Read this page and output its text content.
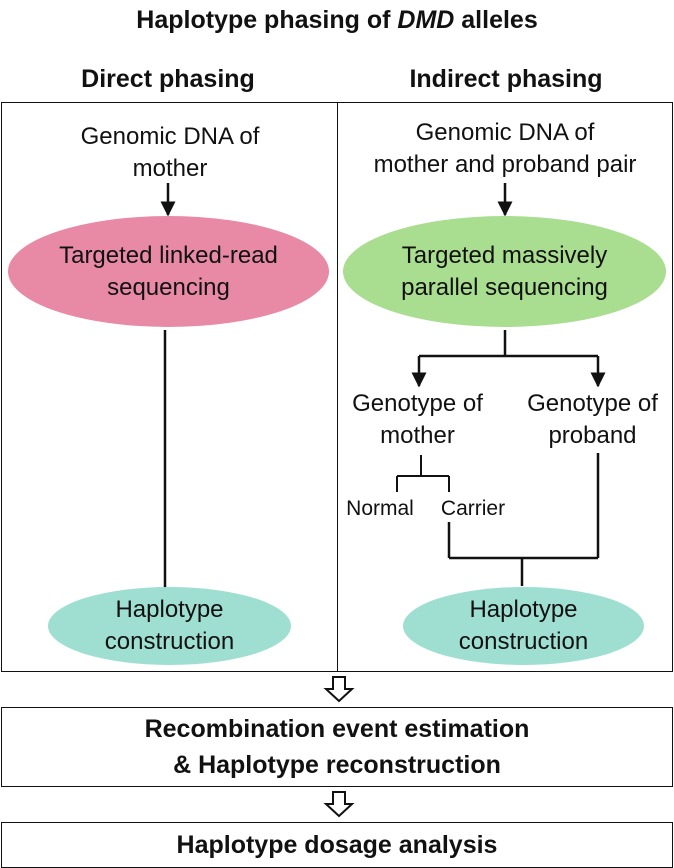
Haplotype phasing of DMD alleles
Direct phasing	Indirect phasing
Genomic DNA of
mother
Targeted linked-read
sequencing
Haplotype
construction
Genomic DNA of
mother and proband pair
Targeted massively
parallel sequencing
Genotype of
mother
Genotype of
proband
Normal	Carrier
Haplotype
construction
Recombination event estimation
& Haplotype reconstruction
Haplotype dosage analysis
